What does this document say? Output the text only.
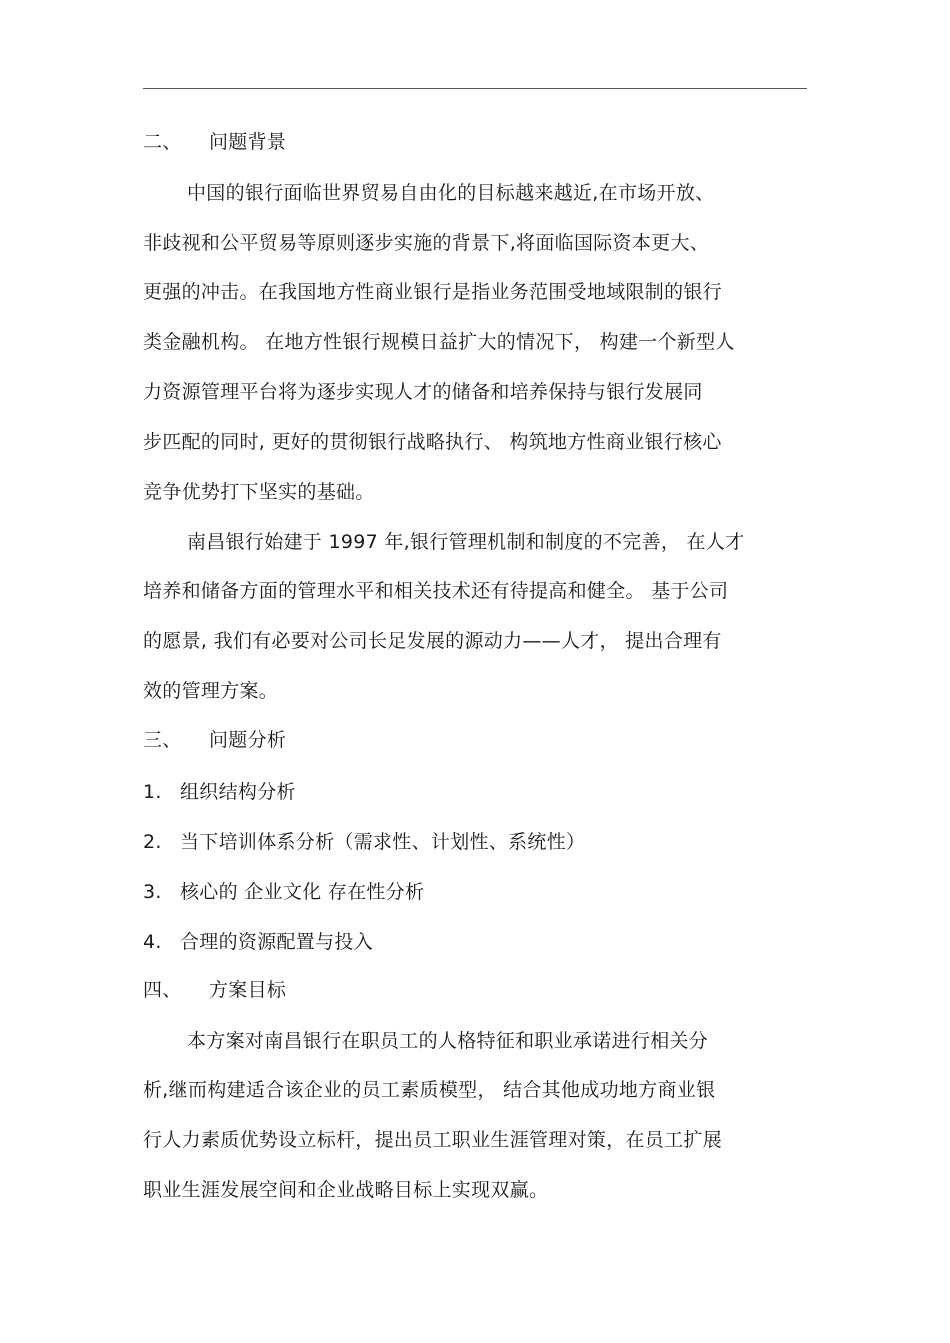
二、 问题背景
中国的银行面临世界贸易自由化的目标越来越近,在市场开放、
非歧视和公平贸易等原则逐步实施的背景下,将面临国际资本更大、
更强的冲击。在我国地方性商业银行是指业务范围受地域限制的银行
类金融机构。 在地方性银行规模日益扩大的情况下， 构建一个新型人
力资源管理平台将为逐步实现人才的储备和培养保持与银行发展同
步匹配的同时, 更好的贯彻银行战略执行、 构筑地方性商业银行核心
竞争优势打下坚实的基础。
南昌银行始建于 1997 年,银行管理机制和制度的不完善， 在人才
培养和储备方面的管理水平和相关技术还有待提高和健全。 基于公司
的愿景, 我们有必要对公司长足发展的源动力——人才， 提出合理有
效的管理方案。
三、 问题分析
1. 组织结构分析
2. 当下培训体系分析（需求性、计划性、系统性）
3. 核心的 企业文化 存在性分析
4. 合理的资源配置与投入
四、 方案目标
本方案对南昌银行在职员工的人格特征和职业承诺进行相关分
析,继而构建适合该企业的员工素质模型， 结合其他成功地方商业银
行人力素质优势设立标杆，提出员工职业生涯管理对策，在员工扩展
职业生涯发展空间和企业战略目标上实现双赢。
